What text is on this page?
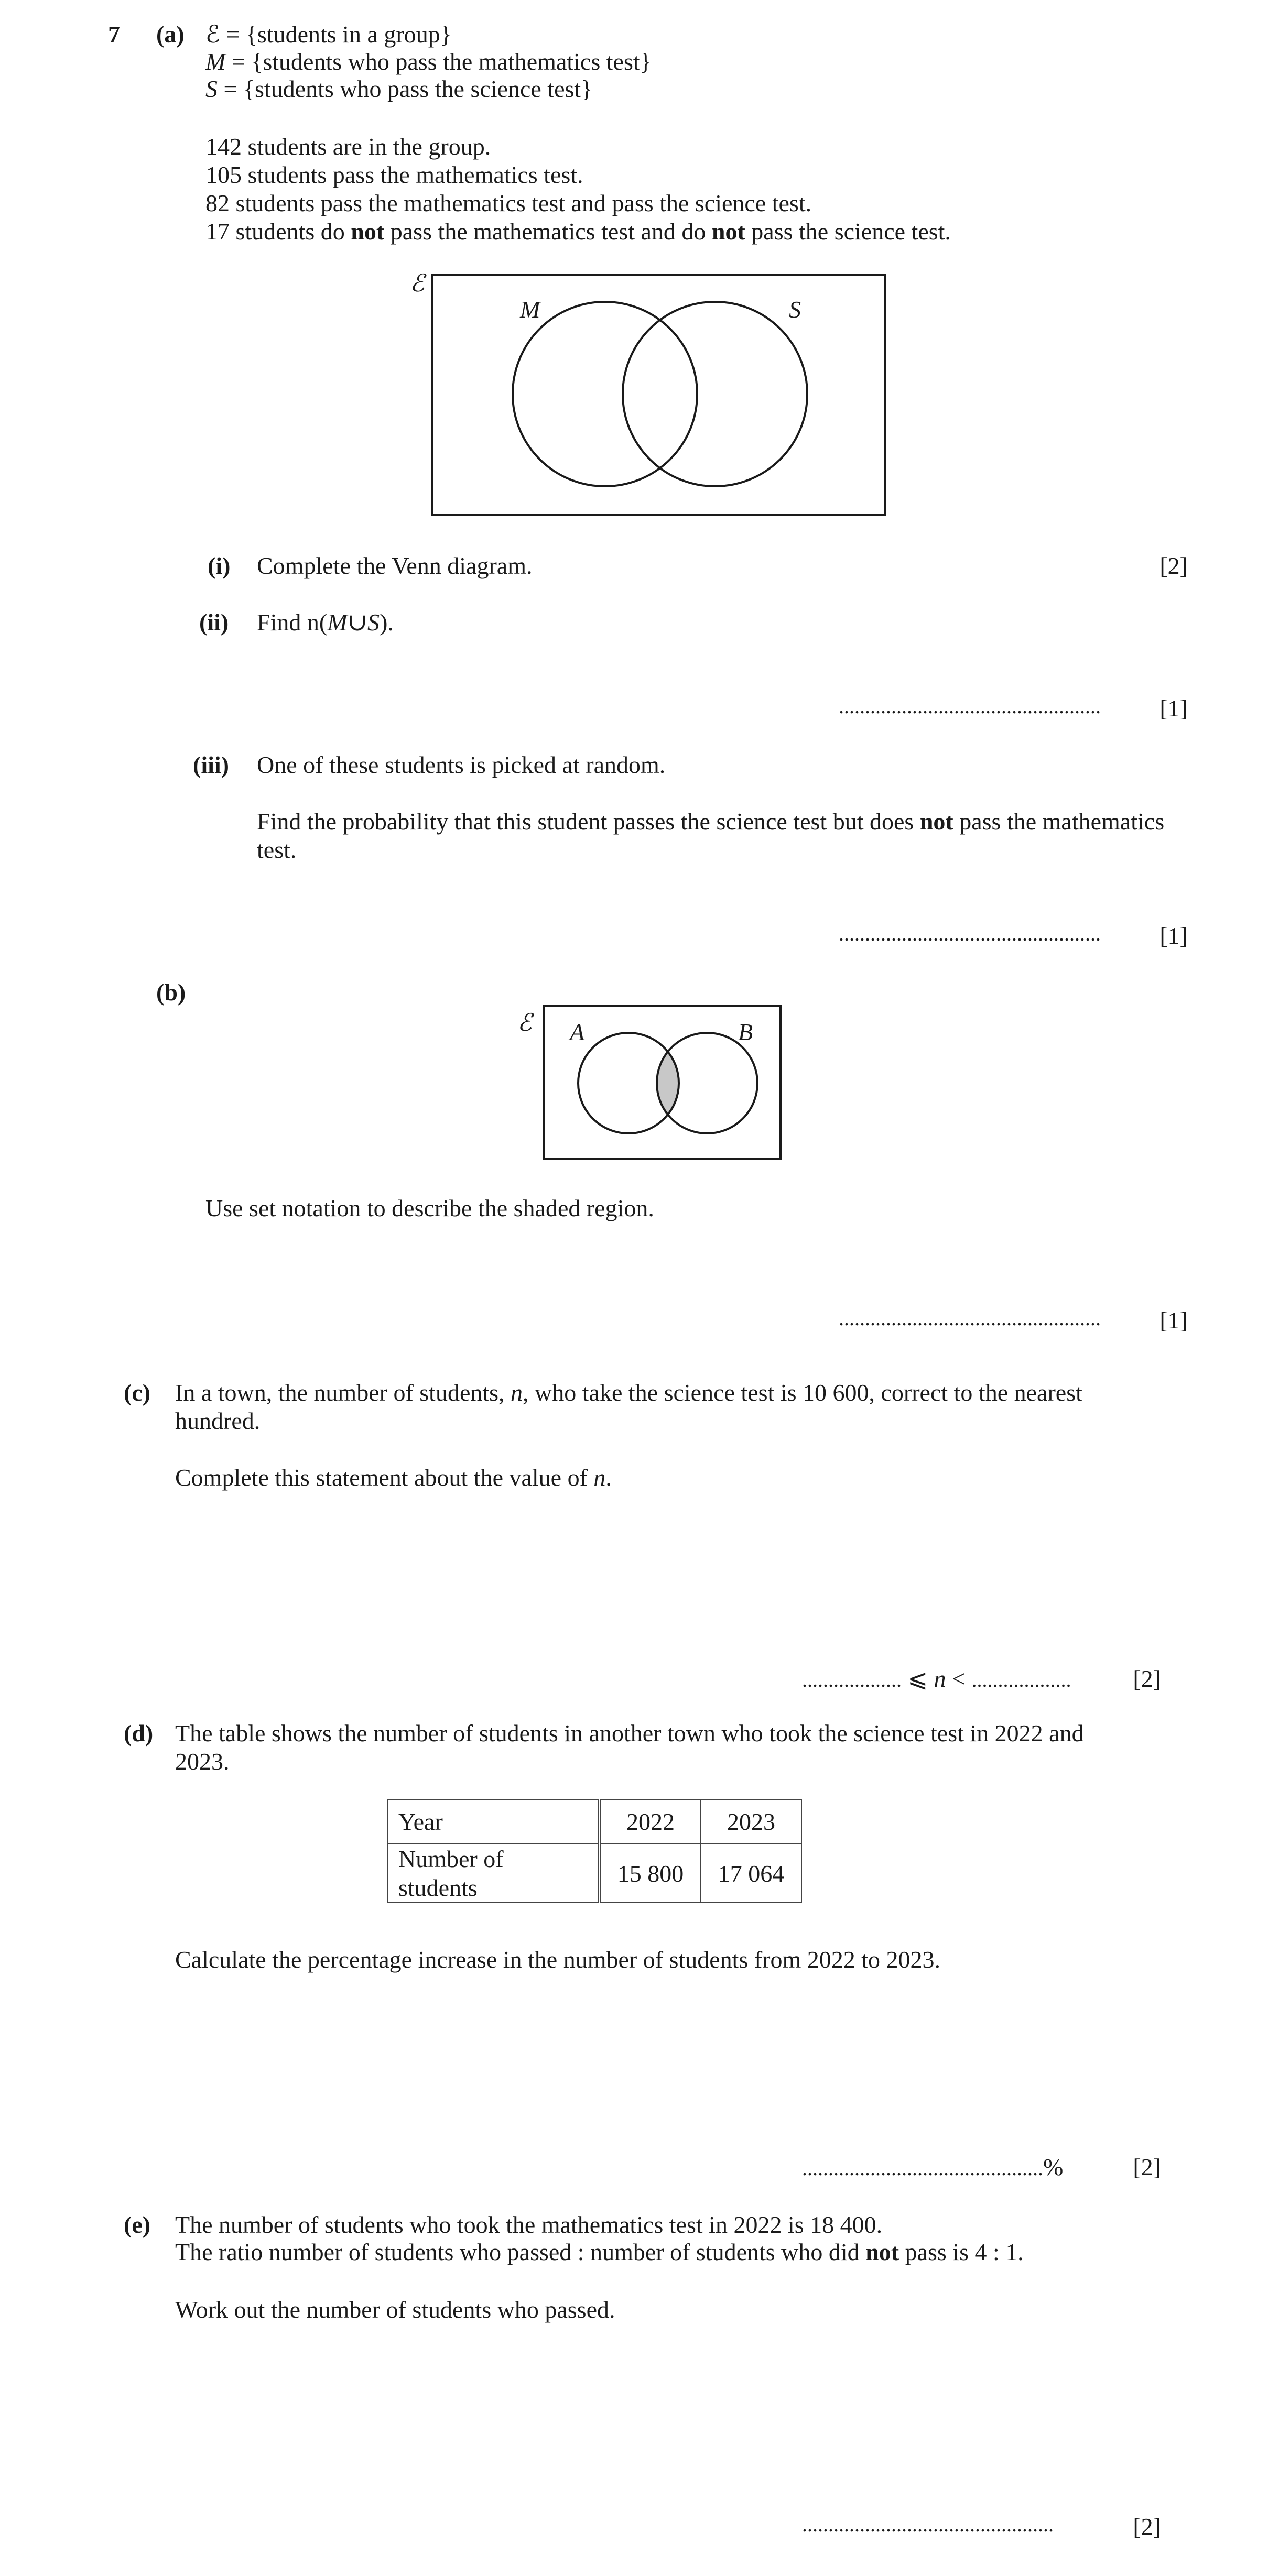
7 (a) ℰ = {students in a group}
M = {students who pass the mathematics test}
S = {students who pass the science test}
142 students are in the group.
105 students pass the mathematics test.
82 students pass the mathematics test and pass the science test.
17 students do not pass the mathematics test and do not pass the science test.
ℰ
M	S
(i) Complete the Venn diagram.	[2]
(ii) Find n(M∪S).
.................................................. [1]
(iii) One of these students is picked at random.
Find the probability that this student passes the science test but does not pass the mathematics
test.
.................................................. [1]
(b)
ℰ A	B
Use set notation to describe the shaded region.
.................................................. [1]
(c) In a town, the number of students, n, who take the science test is 10 600, correct to the nearest
hundred.
Complete this statement about the value of n.
................... ⩽ n < ...................	[2]
(d) The table shows the number of students in another town who took the science test in 2022 and
2023.
Year	2022	2023
Number of students	15 800	17 064
Calculate the percentage increase in the number of students from 2022 to 2023.
..............................................%	[2]
(e) The number of students who took the mathematics test in 2022 is 18 400.
The ratio number of students who passed : number of students who did not pass is 4 : 1.
Work out the number of students who passed.
................................................	[2]
